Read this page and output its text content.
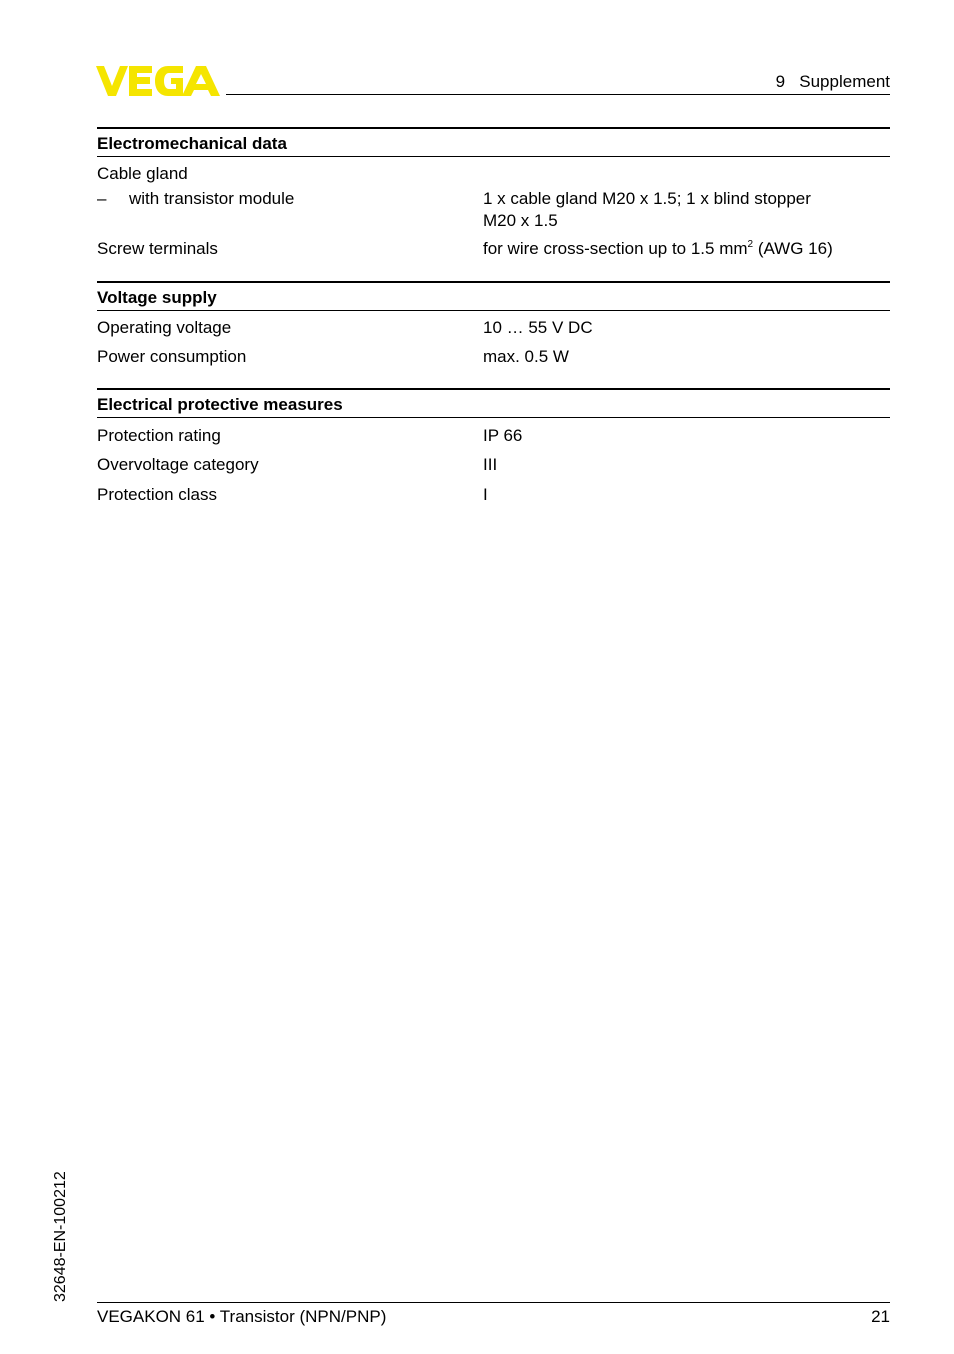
9   Supplement
Electromechanical data
Cable gland
– with transistor module	1 x cable gland M20 x 1.5; 1 x blind stopper
M20 x 1.5
Screw terminals	for wire cross-section up to 1.5 $mm^2$ (AWG 16)
Voltage supply
Operating voltage	10 … 55 V DC
Power consumption	max. 0.5 W
Electrical protective measures
Protection rating	IP 66
Overvoltage category	III
Protection class	I
32648-EN-100212
VEGAKON 61 • Transistor (NPN/PNP)	21
